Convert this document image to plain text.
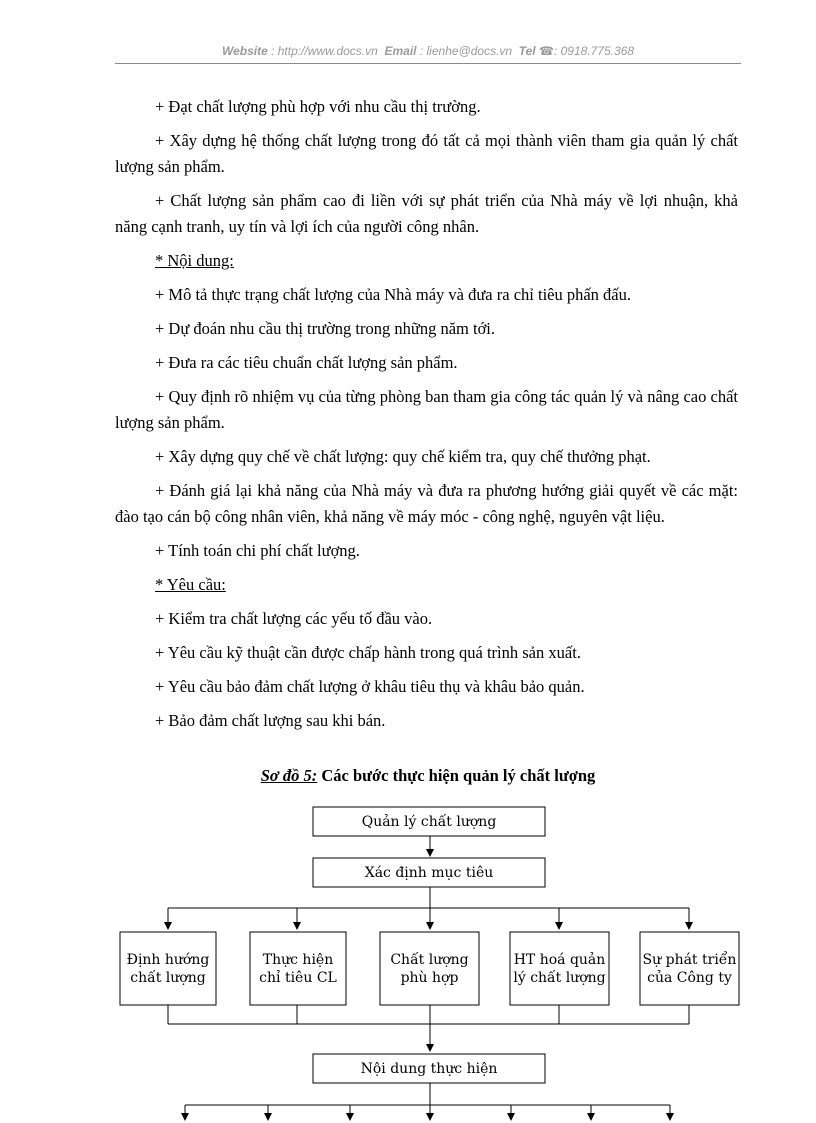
Website : http://www.docs.vn Email : lienhe@docs.vn Tel ☎: 0918.775.368

+ Đạt chất lượng phù hợp với nhu cầu thị trường.

+ Xây dựng hệ thống chất lượng trong đó tất cả mọi thành viên tham gia quản lý chất lượng sản phẩm.

+ Chất lượng sản phẩm cao đi liền với sự phát triển của Nhà máy về lợi nhuận, khả năng cạnh tranh, uy tín và lợi ích của người công nhân.

* Nội dung:

+ Mô tả thực trạng chất lượng của Nhà máy và đưa ra chỉ tiêu phấn đấu.

+ Dự đoán nhu cầu thị trường trong những năm tới.

+ Đưa ra các tiêu chuẩn chất lượng sản phẩm.

+ Quy định rõ nhiệm vụ của từng phòng ban tham gia công tác quản lý và nâng cao chất lượng sản phẩm.

+ Xây dựng quy chế về chất lượng: quy chế kiểm tra, quy chế thưởng phạt.

+ Đánh giá lại khả năng của Nhà máy và đưa ra phương hướng giải quyết về các mặt: đào tạo cán bộ công nhân viên, khả năng về máy móc - công nghệ, nguyên vật liệu.

+ Tính toán chi phí chất lượng.

* Yêu cầu:

+ Kiểm tra chất lượng các yếu tố đầu vào.

+ Yêu cầu kỹ thuật cần được chấp hành trong quá trình sản xuất.

+ Yêu cầu bảo đảm chất lượng ở khâu tiêu thụ và khâu bảo quản.

+ Bảo đảm chất lượng sau khi bán.

Sơ đồ 5: Các bước thực hiện quản lý chất lượng
Quản lý chất lượng
Xác định mục tiêu
Định hướng chất lượng
Thực hiện chỉ tiêu CL
Chất lượng phù hợp
HT hoá quản lý chất lượng
Sự phát triển của Công ty
Nội dung thực hiện
